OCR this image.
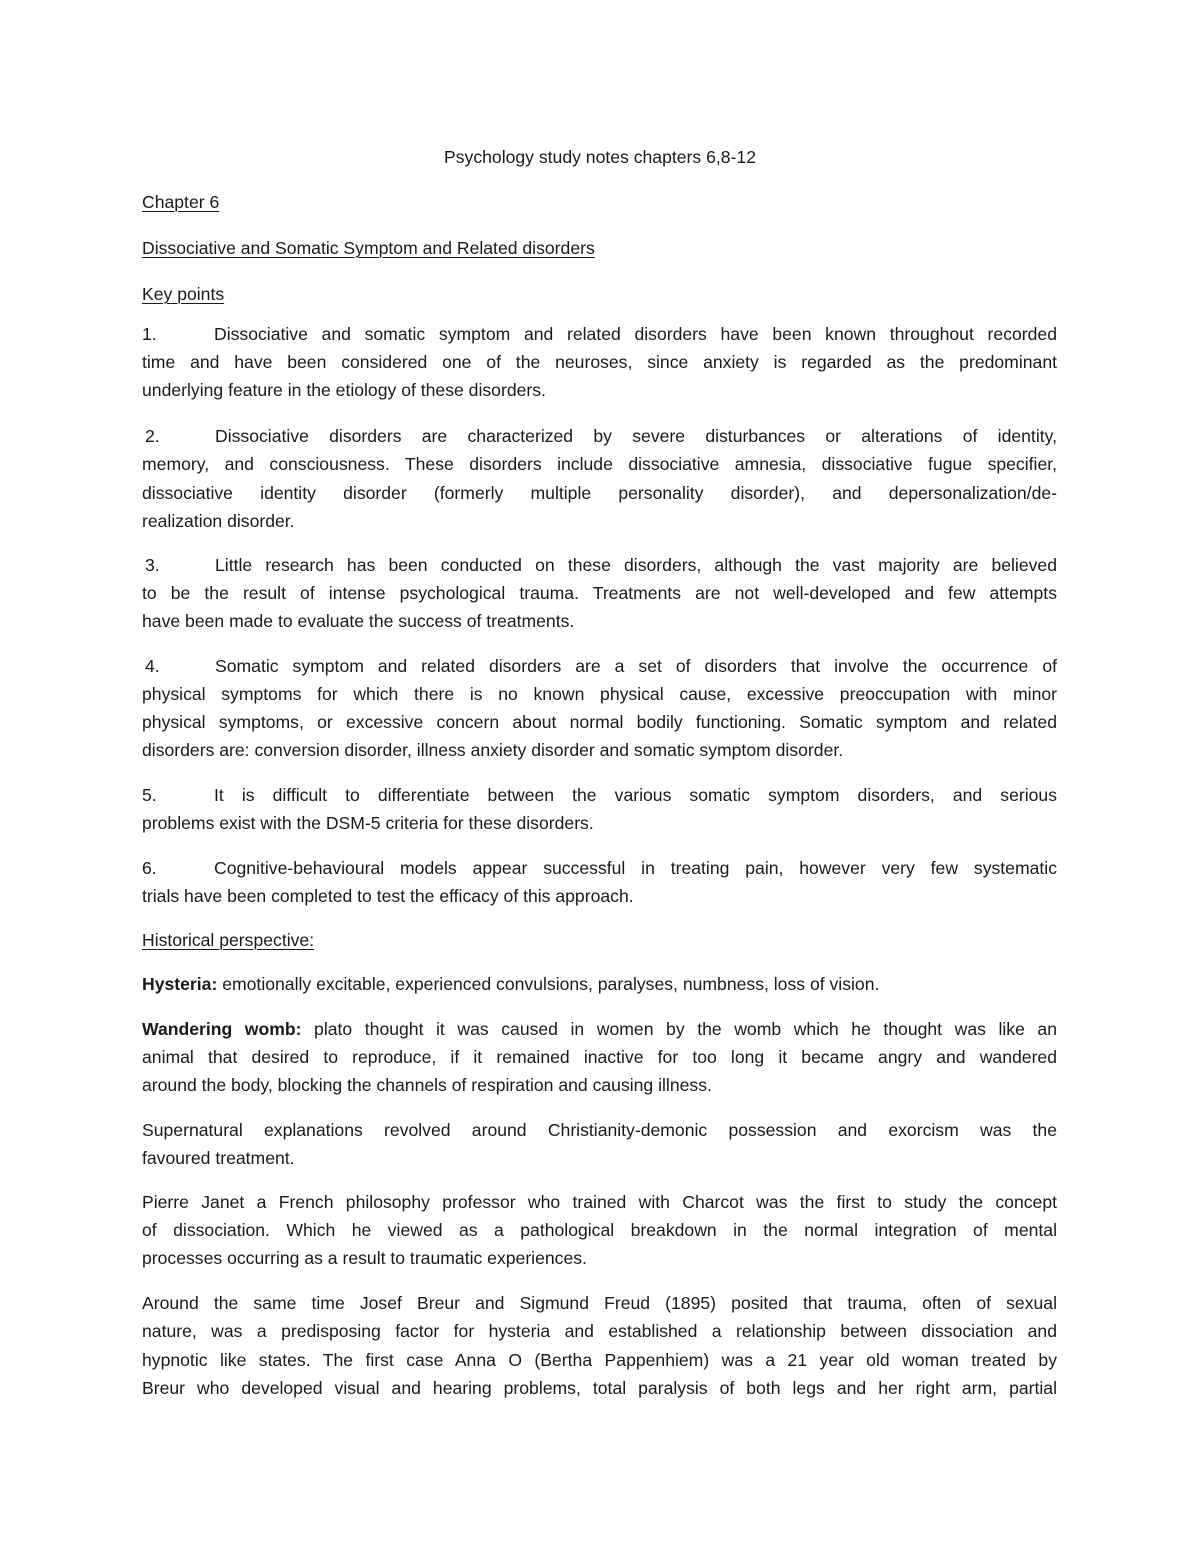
Psychology study notes chapters 6,8-12
Chapter 6
Dissociative and Somatic Symptom and Related disorders
Key points
1.	Dissociative and somatic symptom and related disorders have been known throughout recorded
time and have been considered one of the neuroses, since anxiety is regarded as the predominant
underlying feature in the etiology of these disorders.
2.	Dissociative disorders are characterized by severe disturbances or alterations of identity,
memory, and consciousness. These disorders include dissociative amnesia, dissociative fugue specifier,
dissociative identity disorder (formerly multiple personality disorder), and depersonalization/de-
realization disorder.
3.	Little research has been conducted on these disorders, although the vast majority are believed
to be the result of intense psychological trauma. Treatments are not well-developed and few attempts
have been made to evaluate the success of treatments.
4.	Somatic symptom and related disorders are a set of disorders that involve the occurrence of
physical symptoms for which there is no known physical cause, excessive preoccupation with minor
physical symptoms, or excessive concern about normal bodily functioning. Somatic symptom and related
disorders are: conversion disorder, illness anxiety disorder and somatic symptom disorder.
5.	It is difficult to differentiate between the various somatic symptom disorders, and serious
problems exist with the DSM-5 criteria for these disorders.
6.	Cognitive-behavioural models appear successful in treating pain, however very few systematic
trials have been completed to test the efficacy of this approach.
Historical perspective:
Hysteria: emotionally excitable, experienced convulsions, paralyses, numbness, loss of vision.
Wandering womb: plato thought it was caused in women by the womb which he thought was like an
animal that desired to reproduce, if it remained inactive for too long it became angry and wandered
around the body, blocking the channels of respiration and causing illness.
Supernatural explanations revolved around Christianity-demonic possession and exorcism was the
favoured treatment.
Pierre Janet a French philosophy professor who trained with Charcot was the first to study the concept
of dissociation. Which he viewed as a pathological breakdown in the normal integration of mental
processes occurring as a result to traumatic experiences.
Around the same time Josef Breur and Sigmund Freud (1895) posited that trauma, often of sexual
nature, was a predisposing factor for hysteria and established a relationship between dissociation and
hypnotic like states. The first case Anna O (Bertha Pappenhiem) was a 21 year old woman treated by
Breur who developed visual and hearing problems, total paralysis of both legs and her right arm, partial
